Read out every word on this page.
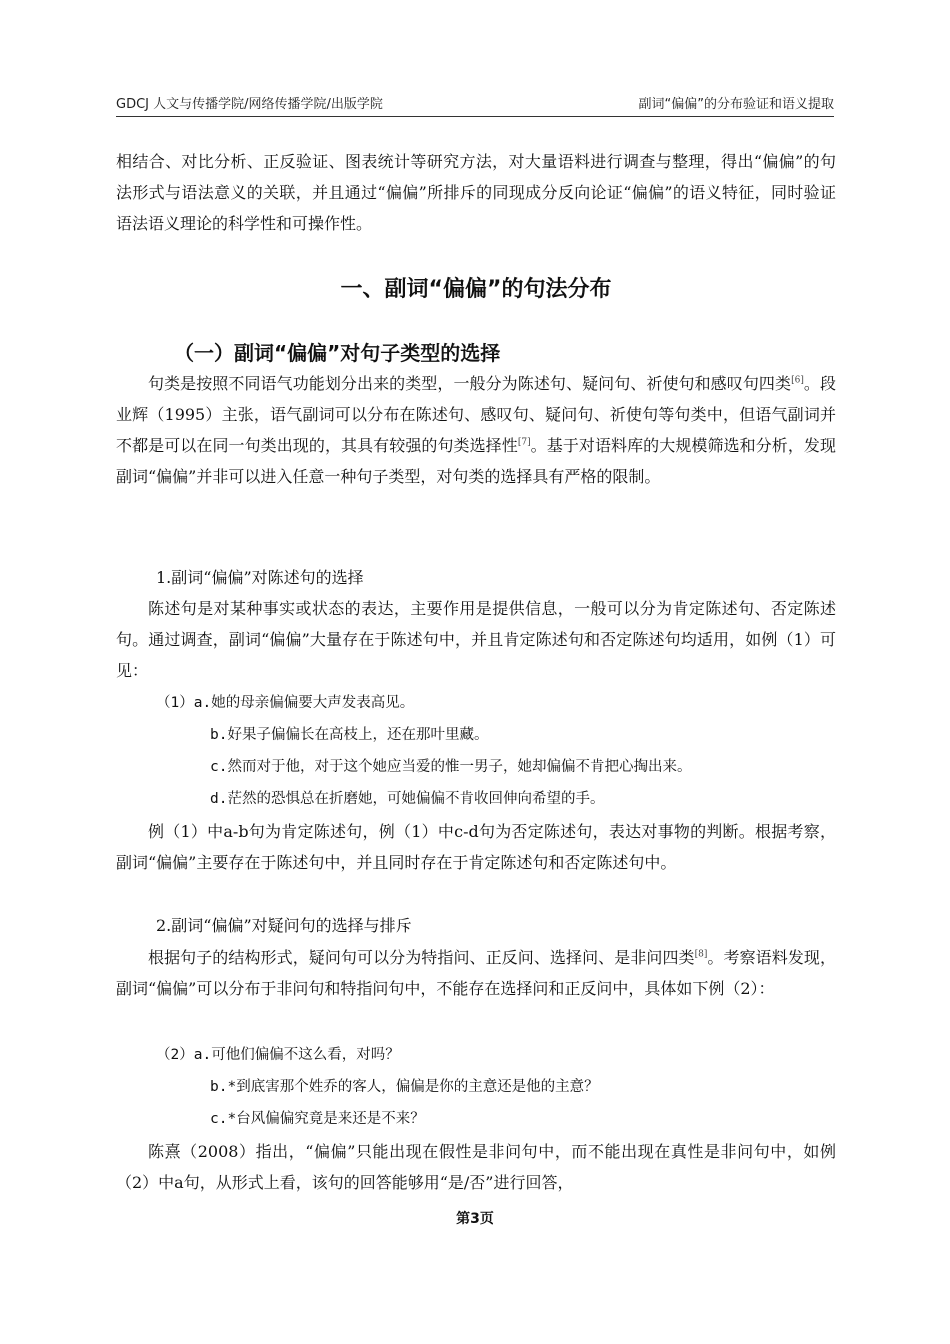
GDCJ 人文与传播学院/网络传播学院/出版学院	副词“偏偏”的分布验证和语义提取

相结合、对比分析、正反验证、图表统计等研究方法，对大量语料进行调查与整理，得出“偏偏”的句法形式与语法意义的关联，并且通过“偏偏”所排斥的同现成分反向论证“偏偏”的语义特征，同时验证语法语义理论的科学性和可操作性。

一、副词“偏偏”的句法分布
（一）副词“偏偏”对句子类型的选择

句类是按照不同语气功能划分出来的类型，一般分为陈述句、疑问句、祈使句和感叹句四类[6]。段业辉（1995）主张，语气副词可以分布在陈述句、感叹句、疑问句、祈使句等句类中，但语气副词并不都是可以在同一句类出现的，其具有较强的句类选择性[7]。基于对语料库的大规模筛选和分析，发现副词“偏偏”并非可以进入任意一种句子类型，对句类的选择具有严格的限制。

1.副词“偏偏”对陈述句的选择

陈述句是对某种事实或状态的表达，主要作用是提供信息，一般可以分为肯定陈述句、否定陈述句。通过调查，副词“偏偏”大量存在于陈述句中，并且肯定陈述句和否定陈述句均适用，如例（1）可见：

（1）a.她的母亲偏偏要大声发表高见。

b.好果子偏偏长在高枝上，还在那叶里藏。

c.然而对于他，对于这个她应当爱的惟一男子，她却偏偏不肯把心掏出来。

d.茫然的恐惧总在折磨她，可她偏偏不肯收回伸向希望的手。

例（1）中a-b句为肯定陈述句，例（1）中c-d句为否定陈述句，表达对事物的判断。根据考察，副词“偏偏”主要存在于陈述句中，并且同时存在于肯定陈述句和否定陈述句中。

2.副词“偏偏”对疑问句的选择与排斥

根据句子的结构形式，疑问句可以分为特指问、正反问、选择问、是非问四类[8]。考察语料发现，副词“偏偏”可以分布于非问句和特指问句中，不能存在选择问和正反问中，具体如下例（2）：

（2）a.可他们偏偏不这么看，对吗？

b.*到底害那个姓乔的客人，偏偏是你的主意还是他的主意？

c.*台风偏偏究竟是来还是不来？

陈熹（2008）指出，“偏偏”只能出现在假性是非问句中，而不能出现在真性是非问句中，如例（2）中a句，从形式上看，该句的回答能够用“是/否”进行回答，

第3页
